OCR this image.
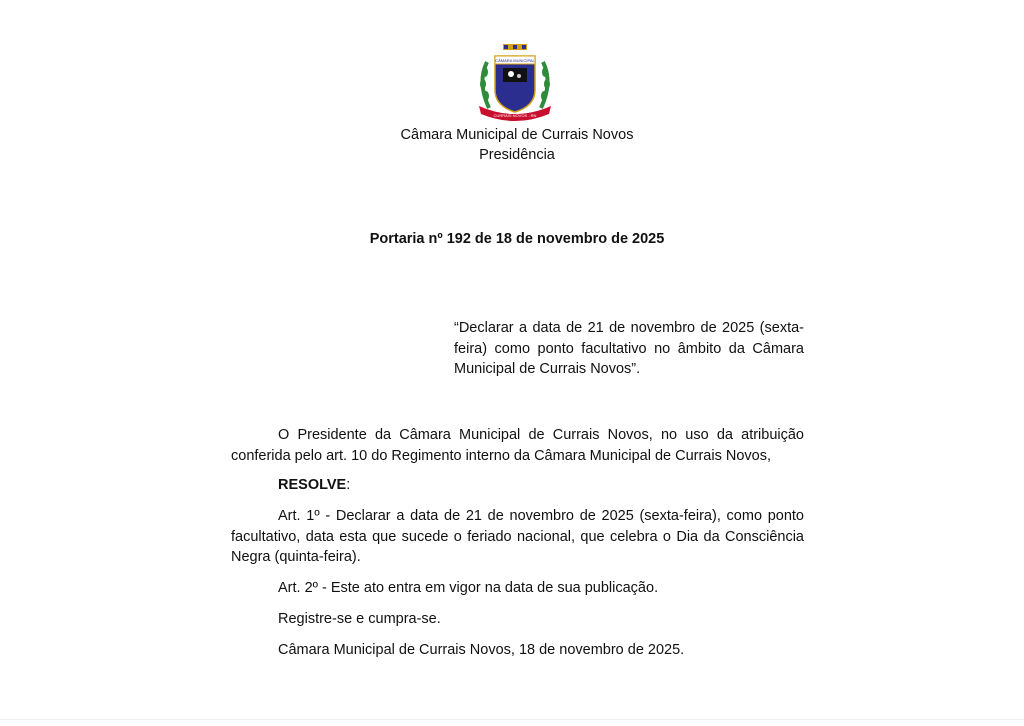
CÂMARA MUNICIPAL
CURRAIS NOVOS - RN
Câmara Municipal de Currais Novos
Presidência
Portaria nº 192 de 18 de novembro de 2025
“Declarar a data de 21 de novembro de 2025 (sexta-feira) como ponto facultativo no âmbito da Câmara Municipal de Currais Novos”.

O Presidente da Câmara Municipal de Currais Novos, no uso da atribuição conferida pelo art. 10 do Regimento interno da Câmara Municipal de Currais Novos,

RESOLVE:

Art. 1º - Declarar a data de 21 de novembro de 2025 (sexta-feira), como ponto facultativo, data esta que sucede o feriado nacional, que celebra o Dia da Consciência Negra (quinta-feira).

Art. 2º - Este ato entra em vigor na data de sua publicação.

Registre-se e cumpra-se.

Câmara Municipal de Currais Novos, 18 de novembro de 2025.
